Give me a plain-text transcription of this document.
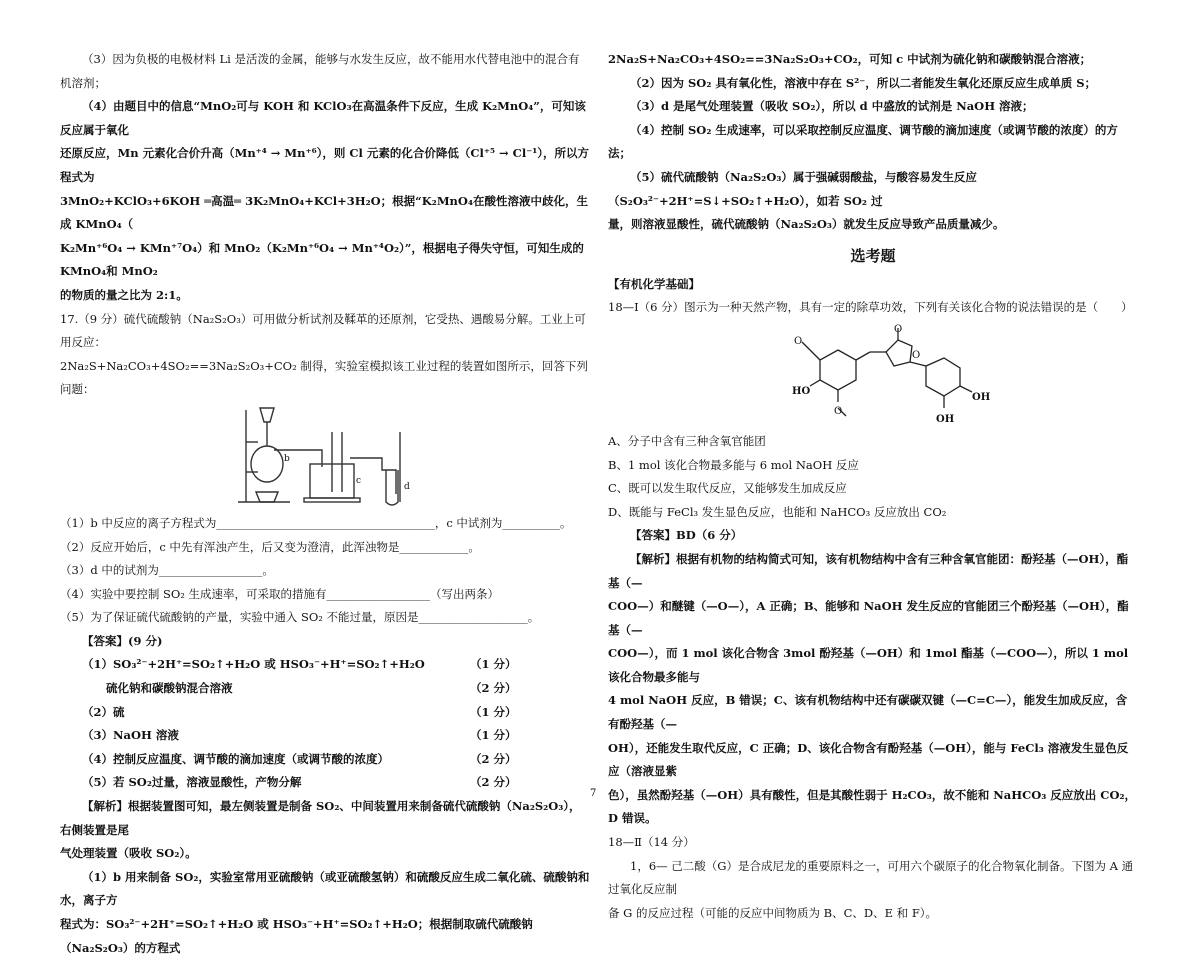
（3）因为负极的电极材料 Li 是活泼的金属，能够与水发生反应，故不能用水代替电池中的混合有机溶剂；

（4）由题目中的信息“MnO₂可与 KOH 和 KClO₃在高温条件下反应，生成 K₂MnO₄”，可知该反应属于氧化

还原反应，Mn 元素化合价升高（Mn⁺⁴ → Mn⁺⁶），则 Cl 元素的化合价降低（Cl⁺⁵ → Cl⁻¹），所以方程式为

3MnO₂+KClO₃+6KOH ═高温═ 3K₂MnO₄+KCl+3H₂O；根据“K₂MnO₄在酸性溶液中歧化，生成 KMnO₄（

K₂Mn⁺⁶O₄ → KMn⁺⁷O₄）和 MnO₂（K₂Mn⁺⁶O₄ → Mn⁺⁴O₂）”，根据电子得失守恒，可知生成的 KMnO₄和 MnO₂

的物质的量之比为 2:1。

17.（9 分）硫代硫酸钠（Na₂S₂O₃）可用做分析试剂及鞣革的还原剂，它受热、遇酸易分解。工业上可用反应：

2Na₂S+Na₂CO₃+4SO₂==3Na₂S₂O₃+CO₂ 制得，实验室模拟该工业过程的装置如图所示，回答下列问题：

b
c
d

（1）b 中反应的离子方程式为______________________________________，c 中试剂为__________。

（2）反应开始后，c 中先有浑浊产生，后又变为澄清，此浑浊物是____________。

（3）d 中的试剂为__________________。

（4）实验中要控制 SO₂ 生成速率，可采取的措施有__________________（写出两条）

（5）为了保证硫代硫酸钠的产量，实验中通入 SO₂ 不能过量，原因是___________________。

【答案】(9 分)

（1）SO₃²⁻+2H⁺=SO₂↑+H₂O 或 HSO₃⁻+H⁺=SO₂↑+H₂O	（1 分）
硫化钠和碳酸钠混合溶液	（2 分）
（2）硫	（1 分）
（3）NaOH 溶液	（1 分）
（4）控制反应温度、调节酸的滴加速度（或调节酸的浓度）	（2 分）
（5）若 SO₂过量，溶液显酸性，产物分解	（2 分）

【解析】根据装置图可知，最左侧装置是制备 SO₂、中间装置用来制备硫代硫酸钠（Na₂S₂O₃），右侧装置是尾

气处理装置（吸收 SO₂）。

（1）b 用来制备 SO₂，实验室常用亚硫酸钠（或亚硫酸氢钠）和硫酸反应生成二氧化硫、硫酸钠和水，离子方

程式为：SO₃²⁻+2H⁺=SO₂↑+H₂O 或 HSO₃⁻+H⁺=SO₂↑+H₂O；根据制取硫代硫酸钠（Na₂S₂O₃）的方程式

2Na₂S+Na₂CO₃+4SO₂==3Na₂S₂O₃+CO₂，可知 c 中试剂为硫化钠和碳酸钠混合溶液；

（2）因为 SO₂ 具有氧化性，溶液中存在 S²⁻，所以二者能发生氧化还原反应生成单质 S；

（3）d 是尾气处理装置（吸收 SO₂），所以 d 中盛放的试剂是 NaOH 溶液；

（4）控制 SO₂ 生成速率，可以采取控制反应温度、调节酸的滴加速度（或调节酸的浓度）的方法；

（5）硫代硫酸钠（Na₂S₂O₃）属于强碱弱酸盐，与酸容易发生反应（S₂O₃²⁻+2H⁺=S↓+SO₂↑+H₂O），如若 SO₂ 过

量，则溶液显酸性，硫代硫酸钠（Na₂S₂O₃）就发生反应导致产品质量减少。

选考题

【有机化学基础】

18—Ⅰ（6 分）图示为一种天然产物，具有一定的除草功效，下列有关该化合物的说法错误的是（　　）

O
O
O
HO
O
OH
OH

A、分子中含有三种含氧官能团

B、1 mol 该化合物最多能与 6 mol NaOH 反应

C、既可以发生取代反应，又能够发生加成反应

D、既能与 FeCl₃ 发生显色反应，也能和 NaHCO₃ 反应放出 CO₂

【答案】BD（6 分）

【解析】根据有机物的结构简式可知，该有机物结构中含有三种含氧官能团：酚羟基（—OH），酯基（—

COO—）和醚键（—O—），A 正确；B、能够和 NaOH 发生反应的官能团三个酚羟基（—OH），酯基（—

COO—），而 1 mol 该化合物含 3mol 酚羟基（—OH）和 1mol 酯基（—COO—），所以 1 mol 该化合物最多能与

4 mol NaOH 反应，B 错误；C、该有机物结构中还有碳碳双键（—C=C—），能发生加成反应，含有酚羟基（—

OH），还能发生取代反应，C 正确；D、该化合物含有酚羟基（—OH），能与 FeCl₃ 溶液发生显色反应（溶液显紫

色），虽然酚羟基（—OH）具有酸性，但是其酸性弱于 H₂CO₃，故不能和 NaHCO₃ 反应放出 CO₂，D 错误。

18—Ⅱ（14 分）

1，6— 己二酸（G）是合成尼龙的重要原料之一，可用六个碳原子的化合物氧化制备。下图为 A 通过氧化反应制

备 G 的反应过程（可能的反应中间物质为 B、C、D、E 和 F）。

7
